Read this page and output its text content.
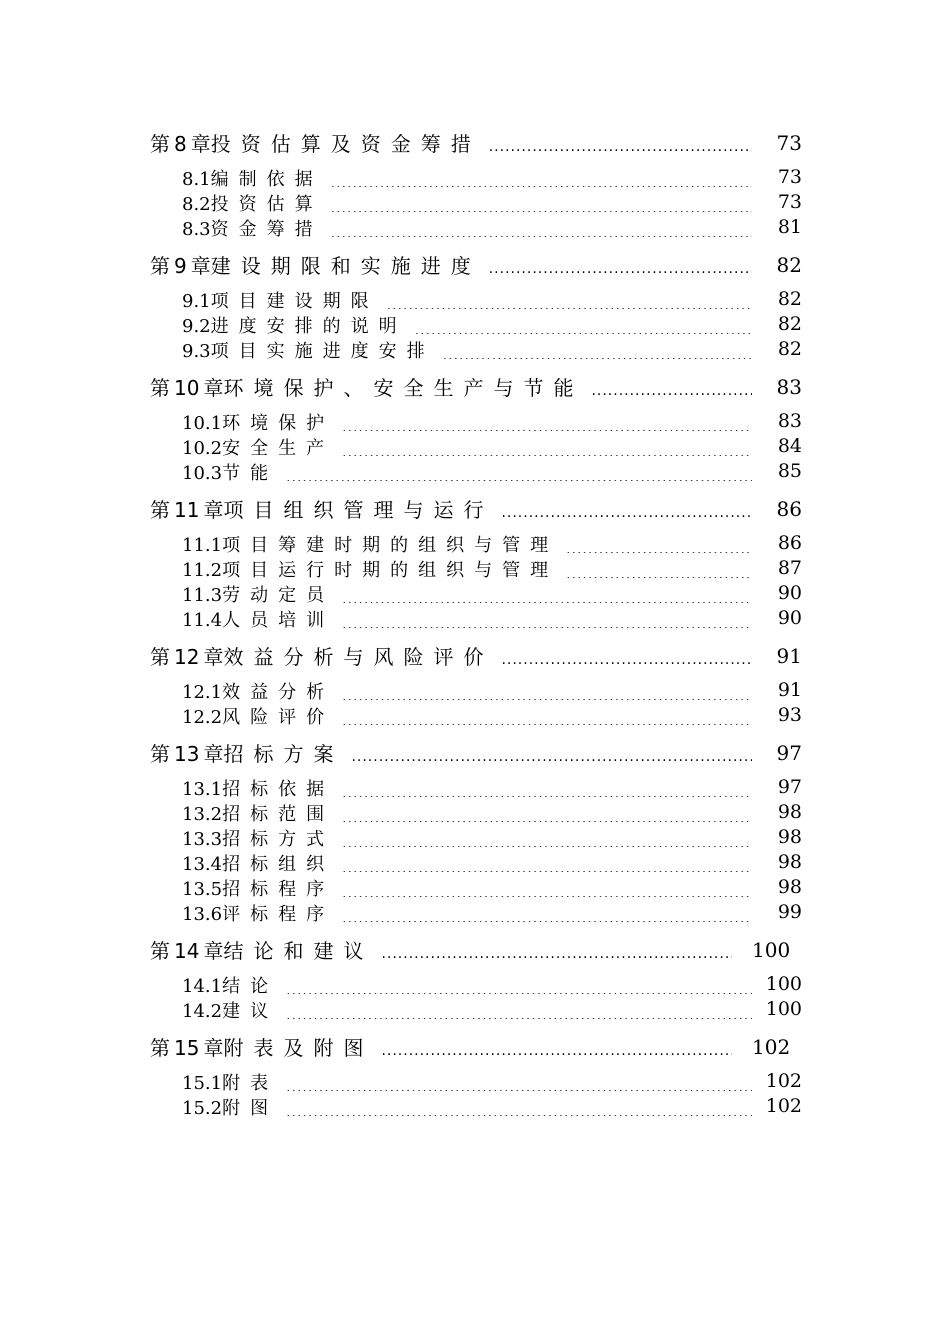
第 8 章投资估算及资金筹措 .....	73
8.1编制依据 .....	73
8.2投资估算 .....	73
8.3资金筹措 .....	81
第 9 章建设期限和实施进度 .....	82
9.1项目建设期限 .....	82
9.2进度安排的说明 .....	82
9.3项目实施进度安排 .....	82
第 10 章环境保护、安全生产与节能 .....	83
10.1环境保护 .....	83
10.2安全生产 .....	84
10.3节能 .....	85
第 11 章项目组织管理与运行 .....	86
11.1项目筹建时期的组织与管理 .....	86
11.2项目运行时期的组织与管理 .....	87
11.3劳动定员 .....	90
11.4人员培训 .....	90
第 12 章效益分析与风险评价 .....	91
12.1效益分析 .....	91
12.2风险评价 .....	93
第 13 章招标方案 .....	97
13.1招标依据 .....	97
13.2招标范围 .....	98
13.3招标方式 .....	98
13.4招标组织 .....	98
13.5招标程序 .....	98
13.6评标程序 .....	99
第 14 章结论和建议 .....	100
14.1结论 .....	100
14.2建议 .....	100
第 15 章附表及附图 .....	102
15.1附表 .....	102
15.2附图 .....	102
